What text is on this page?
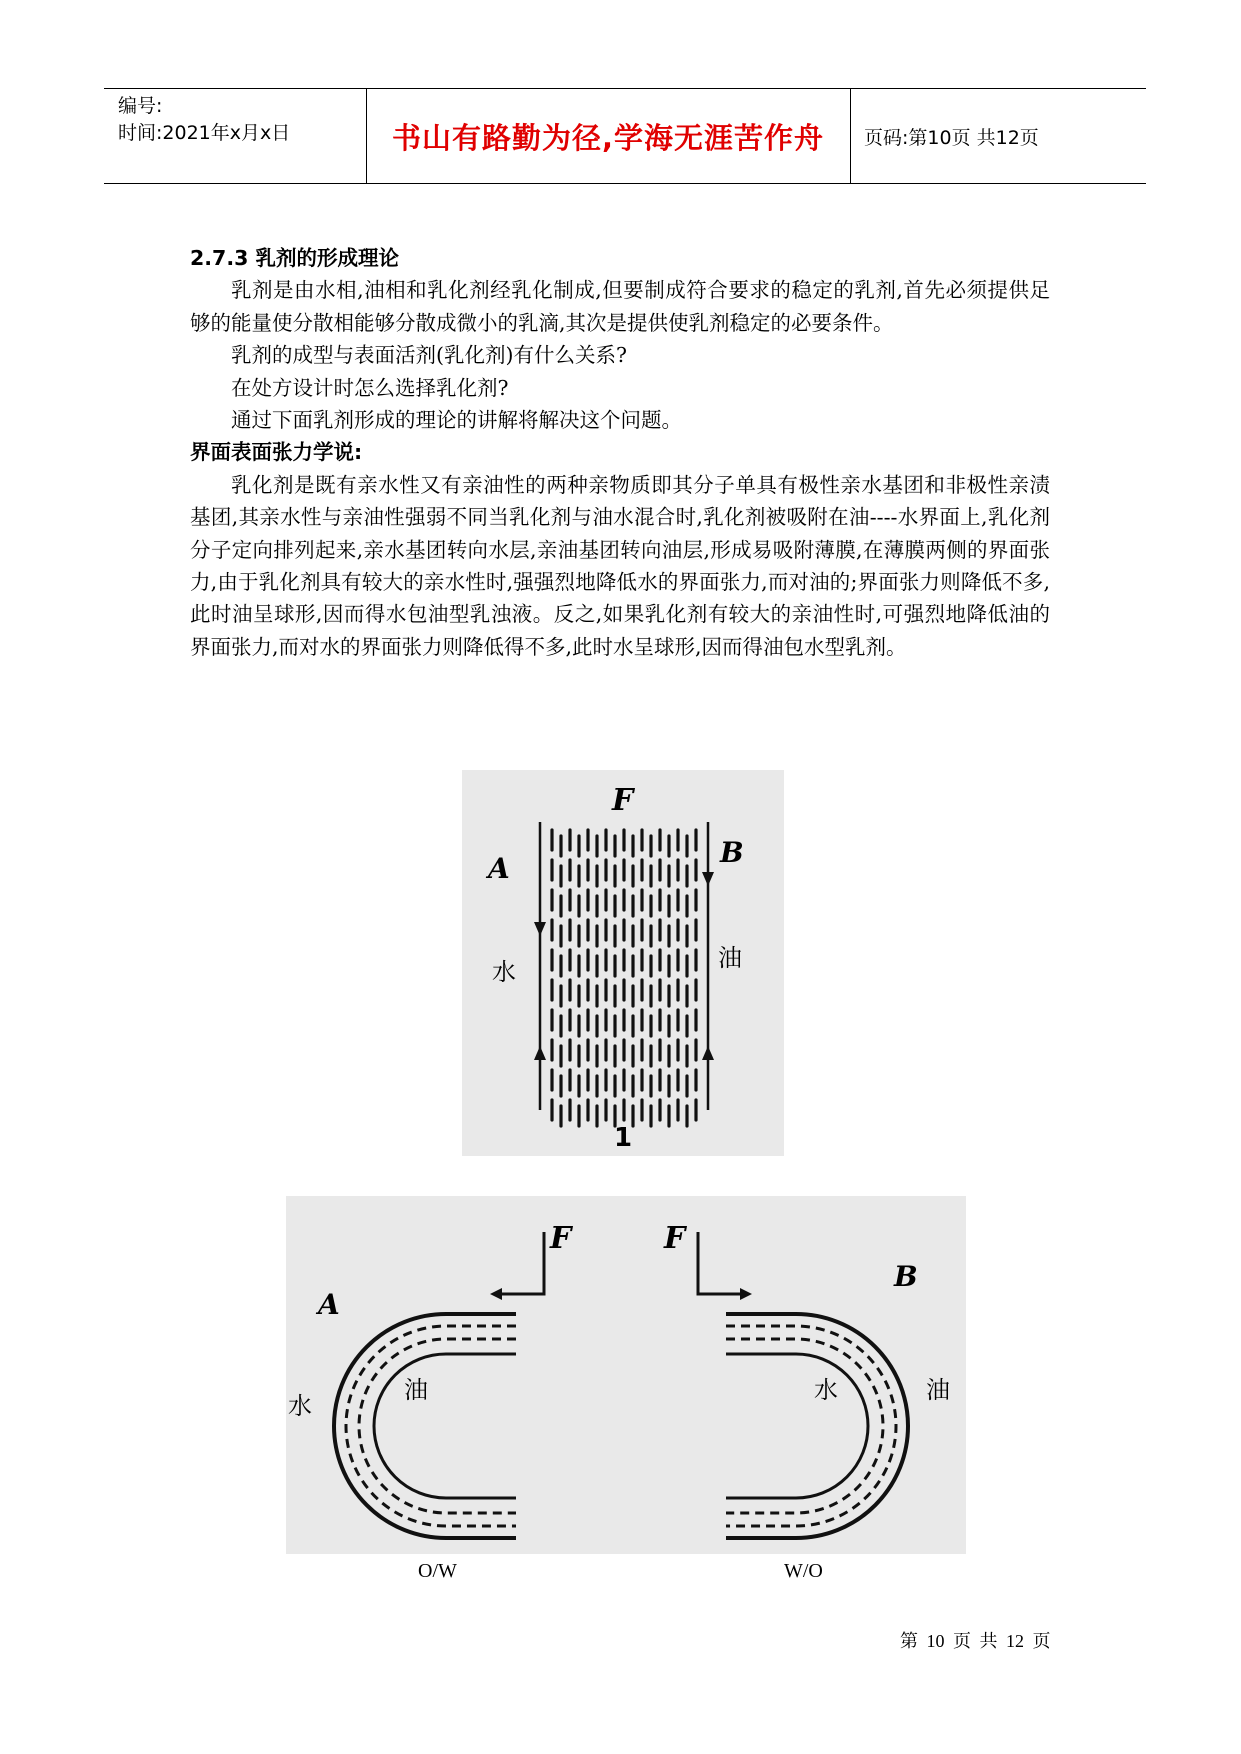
编号:
时间:2021年x月x日	书山有路勤为径,学海无涯苦作舟	页码:第10页 共12页

2.7.3 乳剂的形成理论

乳剂是由水相,油相和乳化剂经乳化制成,但要制成符合要求的稳定的乳剂,首先必须提供足够的能量使分散相能够分散成微小的乳滴,其次是提供使乳剂稳定的必要条件。

乳剂的成型与表面活剂(乳化剂)有什么关系?

在处方设计时怎么选择乳化剂?

通过下面乳剂形成的理论的讲解将解决这个问题。

界面表面张力学说:

乳化剂是既有亲水性又有亲油性的两种亲物质即其分子单具有极性亲水基团和非极性亲渍基团,其亲水性与亲油性强弱不同当乳化剂与油水混合时,乳化剂被吸附在油----水界面上,乳化剂分子定向排列起来,亲水基团转向水层,亲油基团转向油层,形成易吸附薄膜,在薄膜两侧的界面张力,由于乳化剂具有较大的亲水性时,强强烈地降低水的界面张力,而对油的;界面张力则降低不多,此时油呈球形,因而得水包油型乳浊液。反之,如果乳化剂有较大的亲油性时,可强烈地降低油的界面张力,而对水的界面张力则降低得不多,此时水呈球形,因而得油包水型乳剂。

F
A	B
水	油
1
F	F
A
B
水
油	水	油
O/W	W/O
第 10 页 共 12 页
